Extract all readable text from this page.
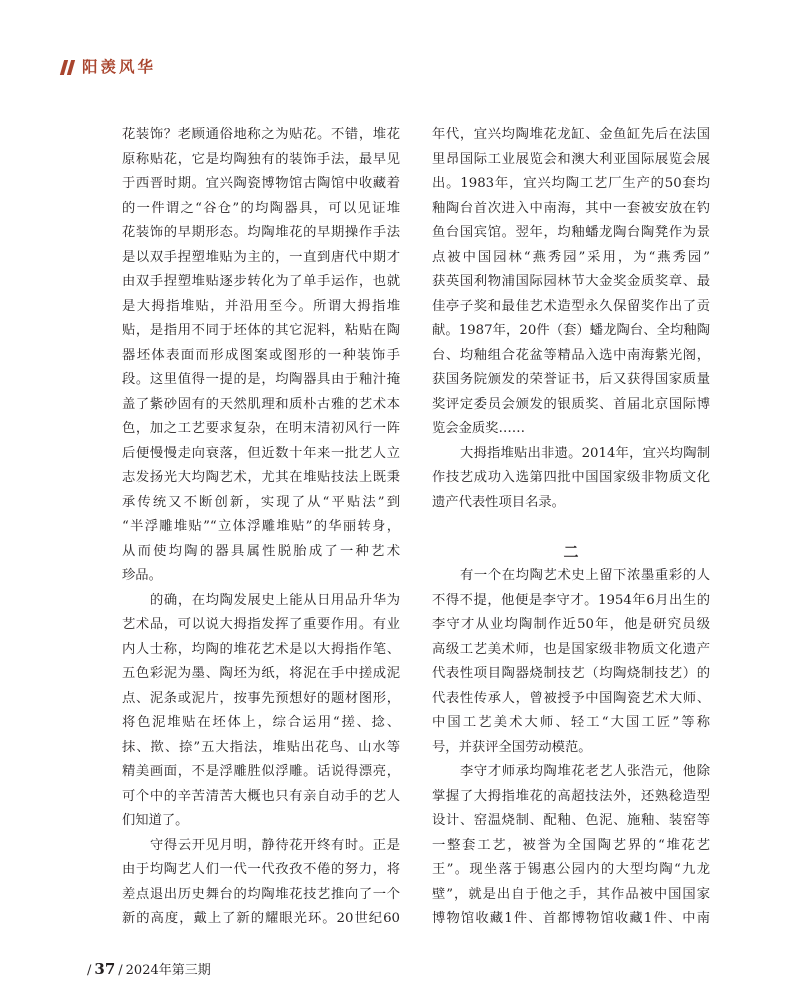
阳羡风华
花装饰？老顾通俗地称之为贴花。不错，堆花
原称贴花，它是均陶独有的装饰手法，最早见
于西晋时期。宜兴陶瓷博物馆古陶馆中收藏着
的一件谓之“谷仓”的均陶器具，可以见证堆
花装饰的早期形态。均陶堆花的早期操作手法
是以双手捏塑堆贴为主的，一直到唐代中期才
由双手捏塑堆贴逐步转化为了单手运作，也就
是大拇指堆贴，并沿用至今。所谓大拇指堆
贴，是指用不同于坯体的其它泥料，粘贴在陶
器坯体表面而形成图案或图形的一种装饰手
段。这里值得一提的是，均陶器具由于釉汁掩
盖了紫砂固有的天然肌理和质朴古雅的艺术本
色，加之工艺要求复杂，在明末清初风行一阵
后便慢慢走向衰落，但近数十年来一批艺人立
志发扬光大均陶艺术，尤其在堆贴技法上既秉
承传统又不断创新，实现了从“平贴法”到
“半浮雕堆贴”“立体浮雕堆贴”的华丽转身，
从而使均陶的器具属性脱胎成了一种艺术
珍品。
的确，在均陶发展史上能从日用品升华为
艺术品，可以说大拇指发挥了重要作用。有业
内人士称，均陶的堆花艺术是以大拇指作笔、
五色彩泥为墨、陶坯为纸，将泥在手中搓成泥
点、泥条或泥片，按事先预想好的题材图形，
将色泥堆贴在坯体上，综合运用“搓、捻、
抹、揿、捺”五大指法，堆贴出花鸟、山水等
精美画面，不是浮雕胜似浮雕。话说得漂亮，
可个中的辛苦清苦大概也只有亲自动手的艺人
们知道了。
守得云开见月明，静待花开终有时。正是
由于均陶艺人们一代一代孜孜不倦的努力，将
差点退出历史舞台的均陶堆花技艺推向了一个
新的高度，戴上了新的耀眼光环。20世纪60
年代，宜兴均陶堆花龙缸、金鱼缸先后在法国
里昂国际工业展览会和澳大利亚国际展览会展
出。1983年，宜兴均陶工艺厂生产的50套均
釉陶台首次进入中南海，其中一套被安放在钓
鱼台国宾馆。翌年，均釉蟠龙陶台陶凳作为景
点被中国园林“燕秀园”采用，为“燕秀园”
获英国利物浦国际园林节大金奖金质奖章、最
佳亭子奖和最佳艺术造型永久保留奖作出了贡
献。1987年，20件（套）蟠龙陶台、全均釉陶
台、均釉组合花盆等精品入选中南海紫光阁，
获国务院颁发的荣誉证书，后又获得国家质量
奖评定委员会颁发的银质奖、首届北京国际博
览会金质奖……
大拇指堆贴出非遗。2014年，宜兴均陶制
作技艺成功入选第四批中国国家级非物质文化
遗产代表性项目名录。
二
有一个在均陶艺术史上留下浓墨重彩的人
不得不提，他便是李守才。1954年6月出生的
李守才从业均陶制作近50年，他是研究员级
高级工艺美术师，也是国家级非物质文化遗产
代表性项目陶器烧制技艺（均陶烧制技艺）的
代表性传承人，曾被授予中国陶瓷艺术大师、
中国工艺美术大师、轻工“大国工匠”等称
号，并获评全国劳动模范。
李守才师承均陶堆花老艺人张浩元，他除
掌握了大拇指堆花的高超技法外，还熟稔造型
设计、窑温烧制、配釉、色泥、施釉、装窑等
一整套工艺，被誉为全国陶艺界的“堆花艺
王”。现坐落于锡惠公园内的大型均陶“九龙
壁”，就是出自于他之手，其作品被中国国家
博物馆收藏1件、首都博物馆收藏1件、中南
/ 37 / 2024年第三期
